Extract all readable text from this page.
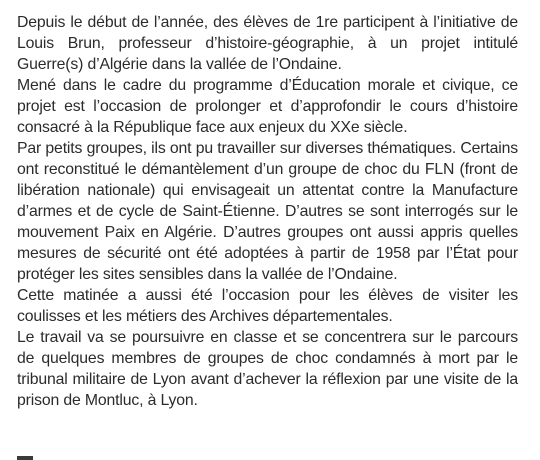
Depuis le début de l’année, des élèves de 1re participent à l’initiative de Louis Brun, professeur d’histoire-géographie, à un projet intitulé Guerre(s) d’Algérie dans la vallée de l’Ondaine.

Mené dans le cadre du programme d’Éducation morale et civique, ce projet est l’occasion de prolonger et d’approfondir le cours d’histoire consacré à la République face aux enjeux du XXe siècle.

Par petits groupes, ils ont pu travailler sur diverses thématiques. Certains ont reconstitué le démantèlement d’un groupe de choc du FLN (front de libération nationale) qui envisageait un attentat contre la Manufacture d’armes et de cycle de Saint-Étienne. D’autres se sont interrogés sur le mouvement Paix en Algérie. D’autres groupes ont aussi appris quelles mesures de sécurité ont été adoptées à partir de 1958 par l’État pour protéger les sites sensibles dans la vallée de l’Ondaine.

Cette matinée a aussi été l’occasion pour les élèves de visiter les coulisses et les métiers des Archives départementales.

Le travail va se poursuivre en classe et se concentrera sur le parcours de quelques membres de groupes de choc condamnés à mort par le tribunal militaire de Lyon avant d’achever la réflexion par une visite de la prison de Montluc, à Lyon.
